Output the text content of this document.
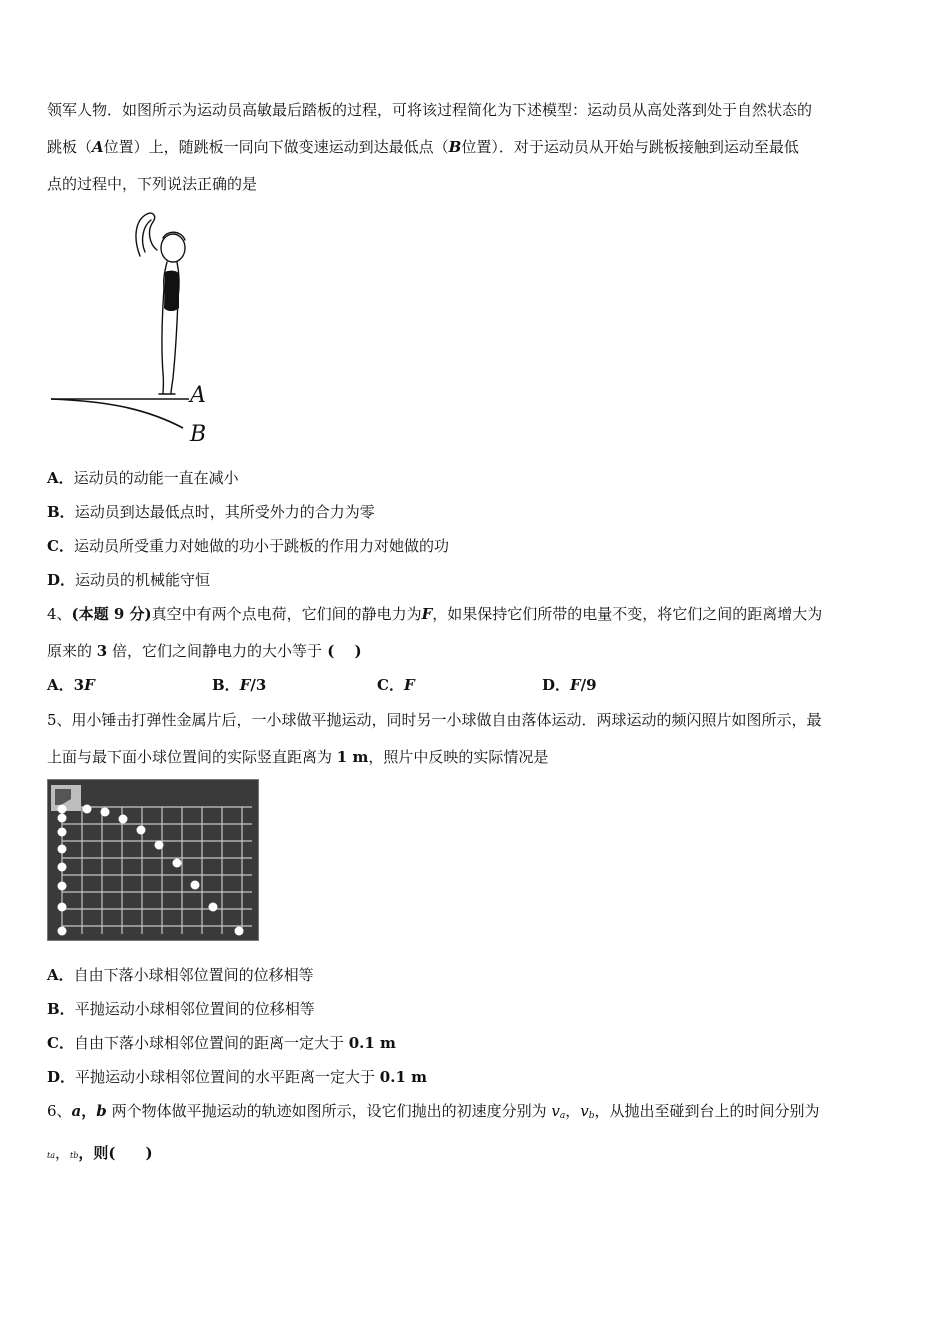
领军人物．如图所示为运动员高敏最后踏板的过程，可将该过程简化为下述模型：运动员从高处落到处于自然状态的
跳板（A位置）上，随跳板一同向下做变速运动到达最低点（B位置）．对于运动员从开始与跳板接触到运动至最低
点的过程中，下列说法正确的是
A
B
A．运动员的动能一直在减小
B．运动员到达最低点时，其所受外力的合力为零
C．运动员所受重力对她做的功小于跳板的作用力对她做的功
D．运动员的机械能守恒
4、(本题 9 分)真空中有两个点电荷，它们间的静电力为F，如果保持它们所带的电量不变，将它们之间的距离增大为
原来的 3 倍，它们之间静电力的大小等于 (　 )
A．3F	B．F/3	C．F	D．F/9
5、用小锤击打弹性金属片后，一小球做平抛运动，同时另一小球做自由落体运动．两球运动的频闪照片如图所示，最
上面与最下面小球位置间的实际竖直距离为 1 m，照片中反映的实际情况是
A．自由下落小球相邻位置间的位移相等
B．平抛运动小球相邻位置间的位移相等
C．自由下落小球相邻位置间的距离一定大于 0.1 m
D．平抛运动小球相邻位置间的水平距离一定大于 0.1 m
6、a，b 两个物体做平抛运动的轨迹如图所示，设它们抛出的初速度分别为 $v_a$，$v_b$，从抛出至碰到台上的时间分别为
ta，tb，则(　　)
